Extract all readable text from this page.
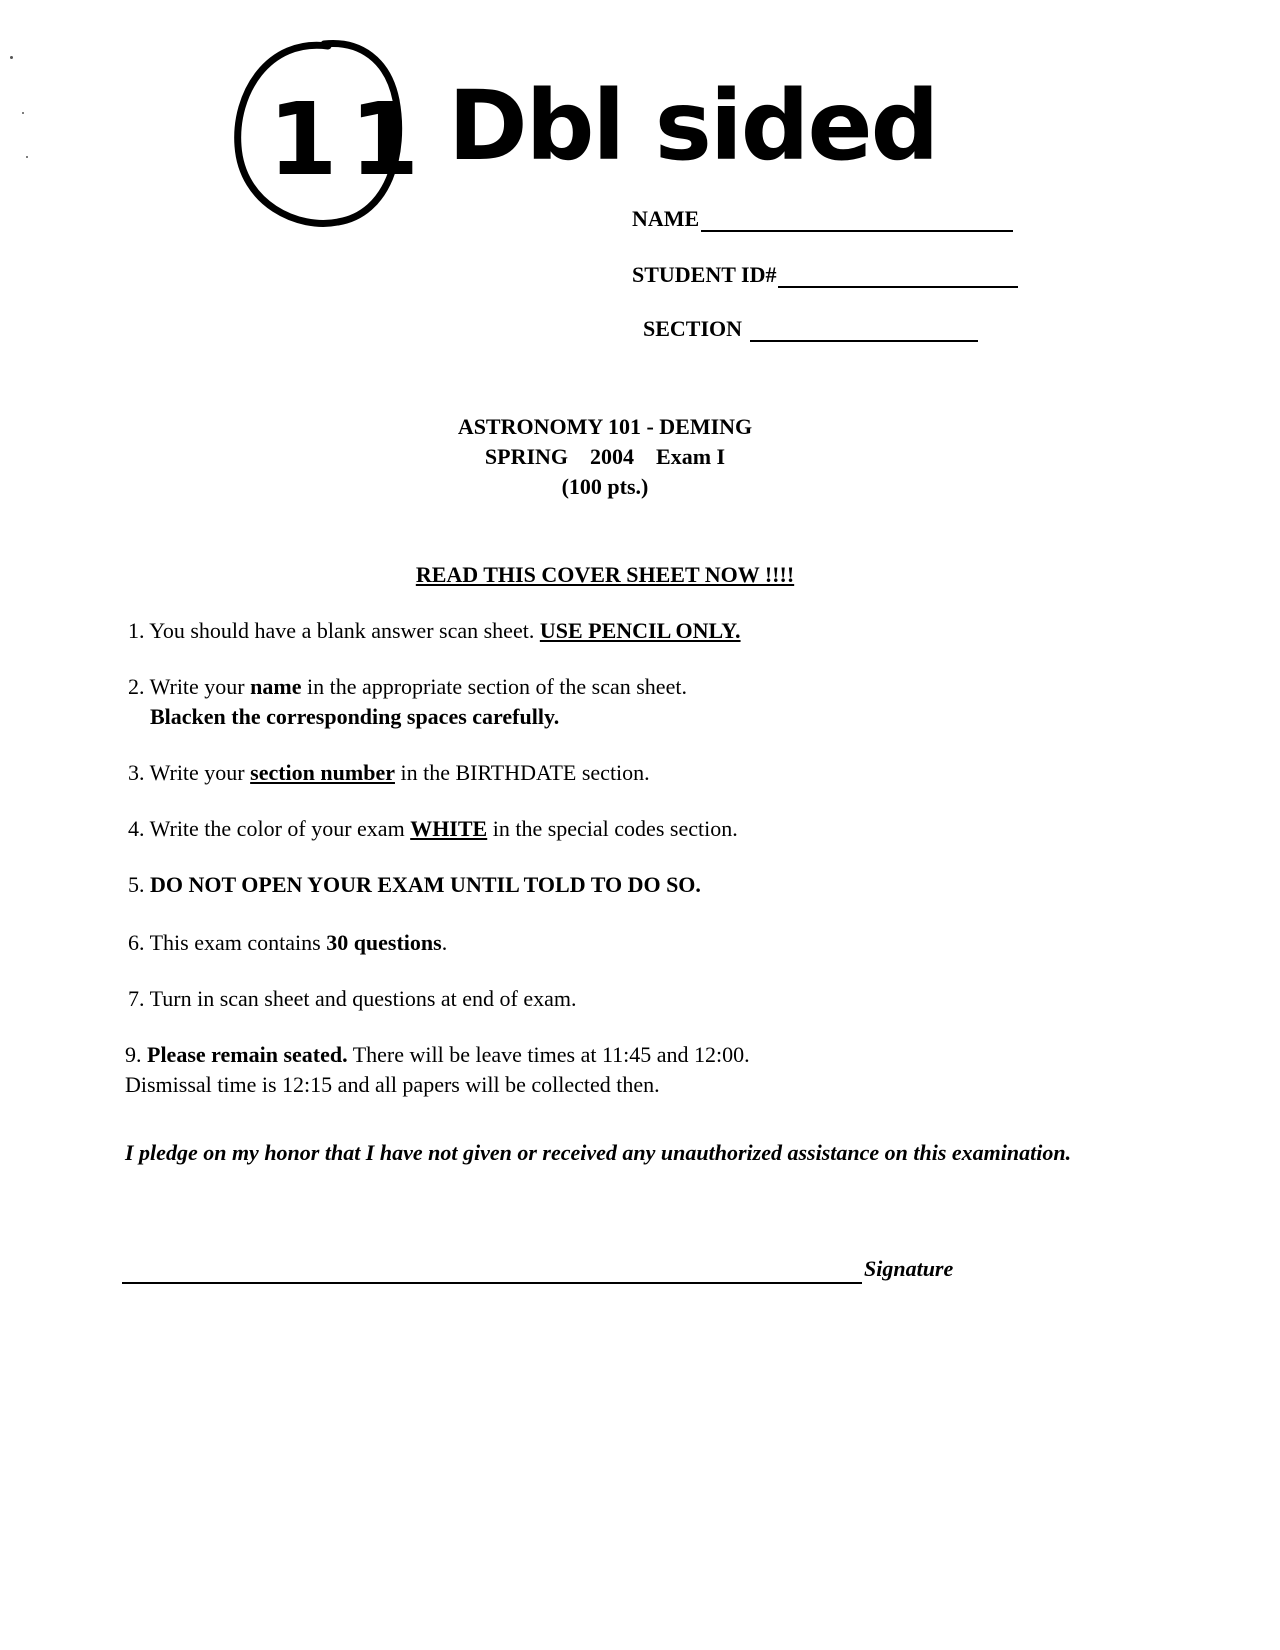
11 Dbl sided
NAME
STUDENT ID#
SECTION
ASTRONOMY 101 - DEMING
SPRING    2004    Exam I
(100 pts.)
READ THIS COVER SHEET NOW !!!!
1. You should have a blank answer scan sheet. USE PENCIL ONLY.
2. Write your name in the appropriate section of the scan sheet.
Blacken the corresponding spaces carefully.
3. Write your section number in the BIRTHDATE section.
4. Write the color of your exam WHITE in the special codes section.
5. DO NOT OPEN YOUR EXAM UNTIL TOLD TO DO SO.
6. This exam contains 30 questions.
7. Turn in scan sheet and questions at end of exam.
9. Please remain seated. There will be leave times at 11:45 and 12:00.
Dismissal time is 12:15 and all papers will be collected then.
I pledge on my honor that I have not given or received any unauthorized assistance on this examination.
Signature
